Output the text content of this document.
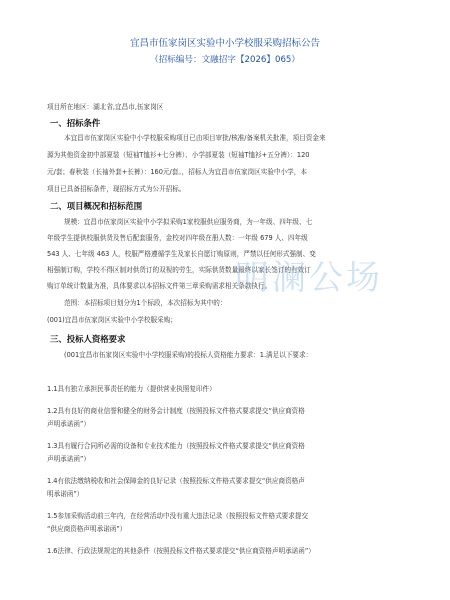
宜昌市伍家岗区实验中小学校服采购招标公告
（招标编号：文融招字【2026】065）
项目所在地区：湖北省,宜昌市,伍家岗区
一、招标条件
本宜昌市伍家岗区实验中小学校服采购项目已由项目审批/核准/备案机关批准，项目资金来
源为其他资金初中部夏装（短袖T恤衫+七分裤）、小学部夏装（短袖T恤衫+五分裤）：120
元/套；春秋装（长袖外套+长裤）：160元/套。，招标人为宜昌市伍家岗区实验中小学，本
项目已具备招标条件，现招标方式为公开招标。
二、项目概况和招标范围
规模：宜昌市伍家岗区实验中小学拟采购1家校服供应服务商，为一年级、四年级、七
年级学生提供校服供货及售后配套服务，金校对四年级在册人数：一年级 679 人、四年级
543 人、七年级 463 人，校服严格遵循学生及家长自愿订购原则，严禁以任何形式强制、变
相强制订购，学校不得区制对供货订的双视的劳生，实际供货数量最终以家长签订的有效订
购订单统计数量为准，具体要求以本招标文件第三章采购需求相关条款执行。
范围：本招标项目划分为1个标段，本次招标为其中的：
(001)宜昌市伍家岗区实验中小学校服采购；
三、投标人资格要求
(001宜昌市伍家岗区实验中小学校服采购)的投标人资格能力要求：1.满足以下要求：
1.1具有独立承担民事责任的能力（提供营业执照复印件）
1.2具有良好的商业信誉和健全的财务会计制度（按照投标文件格式要求提交“供应商资格
声明承诺函”）
1.3具有履行合同所必需的设备和专业技术能力（按照投标文件格式要求提交“供应商资格
声明承诺函”）
1.4有依法缴纳税收和社会保障金的良好记录（按照投标文件格式要求提交“供应商资格声
明承诺函”）
1.5参加采购活动前三年内，在经营活动中没有重大违法记录（按照投标文件格式要求提交
“供应商资格声明承诺函”）
1.6法律、行政法规规定的其他条件（按照投标文件格式要求提交“供应商资格声明承诺函”）
明澜公场
